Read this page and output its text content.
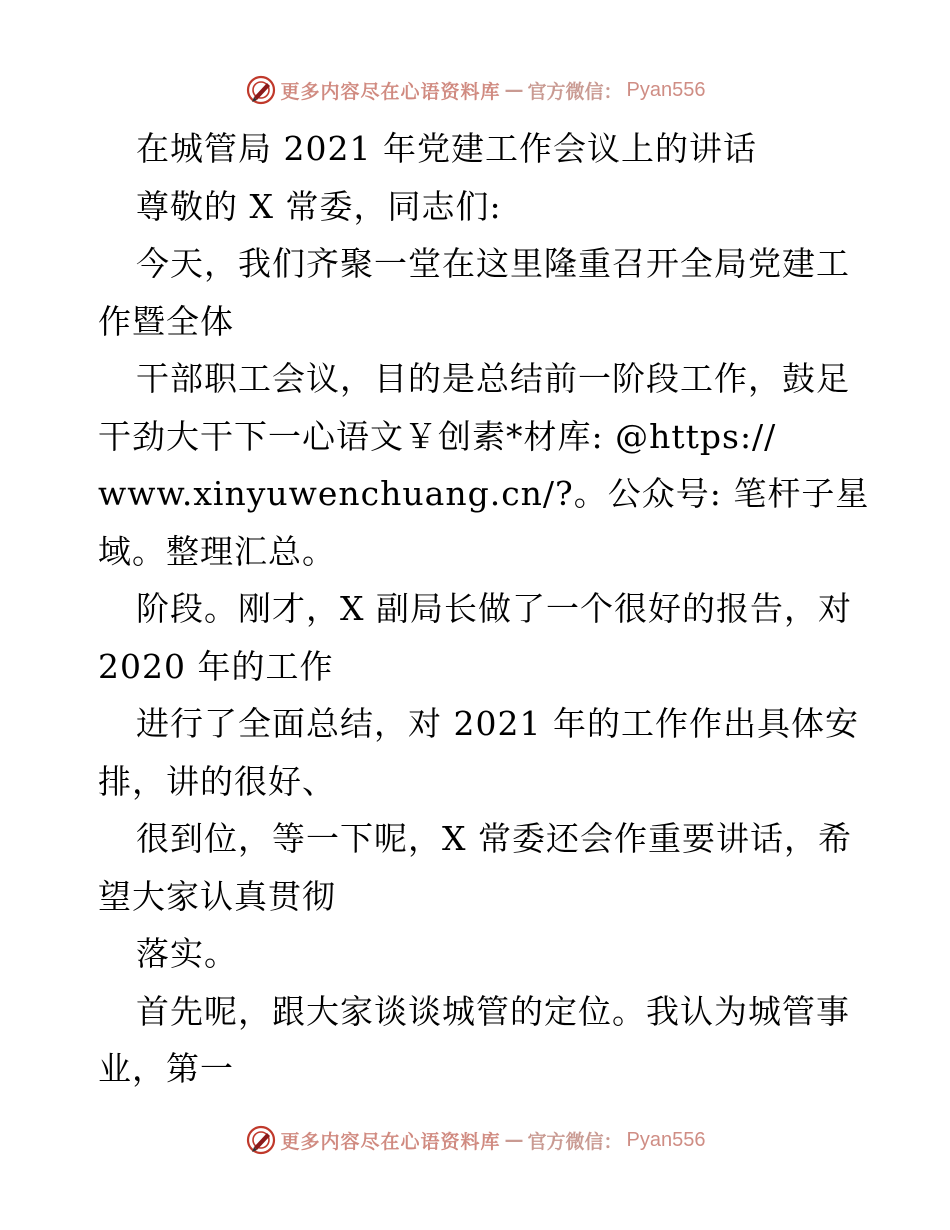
更多内容尽在心语资料库 — 官方微信： Pyan556
在城管局 2021 年党建工作会议上的讲话
尊敬的 X 常委，同志们:
今天，我们齐聚一堂在这里隆重召开全局党建工
作暨全体
干部职工会议，目的是总结前一阶段工作，鼓足
干劲大干下一心语文￥创素*材库: @https://
www.xinyuwenchuang.cn/?。公众号: 笔杆子星
域。整理汇总。
阶段。刚才，X 副局长做了一个很好的报告，对
2020 年的工作
进行了全面总结，对 2021 年的工作作出具体安
排，讲的很好、
很到位，等一下呢，X 常委还会作重要讲话，希
望大家认真贯彻
落实。
首先呢，跟大家谈谈城管的定位。我认为城管事
业，第一
更多内容尽在心语资料库 — 官方微信： Pyan556
